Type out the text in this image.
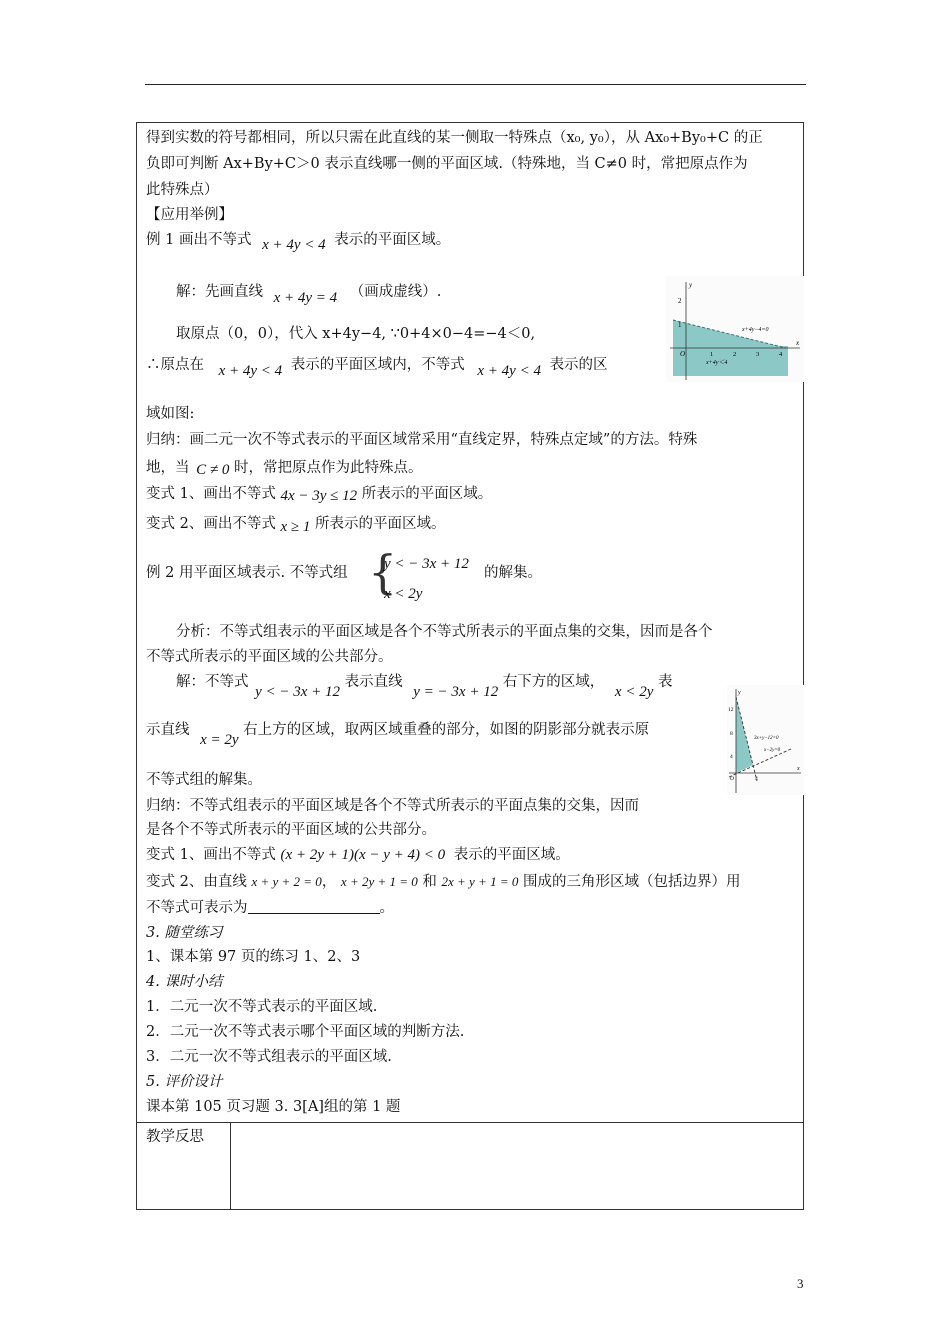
得到实数的符号都相同，所以只需在此直线的某一侧取一特殊点（x₀, y₀），从 Ax₀+By₀+C 的正
负即可判断 Ax+By+C＞0 表示直线哪一侧的平面区域.（特殊地，当 C≠0 时，常把原点作为
此特殊点）
【应用举例】
例 1 画出不等式 x + 4y < 4 表示的平面区域。
解：先画直线 x + 4y = 4 （画成虚线）.
取原点（0，0），代入 x+4y−4, ∵0+4×0−4=−4＜0,
∴原点在 x + 4y < 4 表示的平面区域内，不等式 x + 4y < 4 表示的区
域如图:
x
y
2
1
O	1	2	3	4
x+4y−4=0
x+4y＜4
归纳：画二元一次不等式表示的平面区域常采用“直线定界，特殊点定域”的方法。特殊
地，当 C ≠ 0 时，常把原点作为此特殊点。
变式 1、画出不等式 4x − 3y ≤ 12 所表示的平面区域。
变式 2、画出不等式 x ≥ 1 所表示的平面区域。
例 2 用平面区域表示. 不等式组 {
y < − 3x + 12
x < 2y
的解集。
分析：不等式组表示的平面区域是各个不等式所表示的平面点集的交集，因而是各个
不等式所表示的平面区域的公共部分。
解：不等式 y < − 3x + 12 表示直线 y = − 3x + 12 右下方的区域， x < 2y 表
示直线 x = 2y 右上方的区域，取两区域重叠的部分，如图的阴影部分就表示原
不等式组的解集。
y
x
12
8
4
O	4
3x+y−12=0
x−2y=0
归纳：不等式组表示的平面区域是各个不等式所表示的平面点集的交集，因而
是各个不等式所表示的平面区域的公共部分。
变式 1、画出不等式 (x + 2y + 1)(x − y + 4) < 0 表示的平面区域。
变式 2、由直线 x + y + 2 = 0， x + 2y + 1 = 0 和 2x + y + 1 = 0 围成的三角形区域（包括边界）用
不等式可表示为	。
3. 随堂练习
1、课本第 97 页的练习 1、2、3
4. 课时小结
1．二元一次不等式表示的平面区域.
2．二元一次不等式表示哪个平面区域的判断方法.
3．二元一次不等式组表示的平面区域.
5. 评价设计
课本第 105 页习题 3. 3[A]组的第 1 题
教学反思
3
